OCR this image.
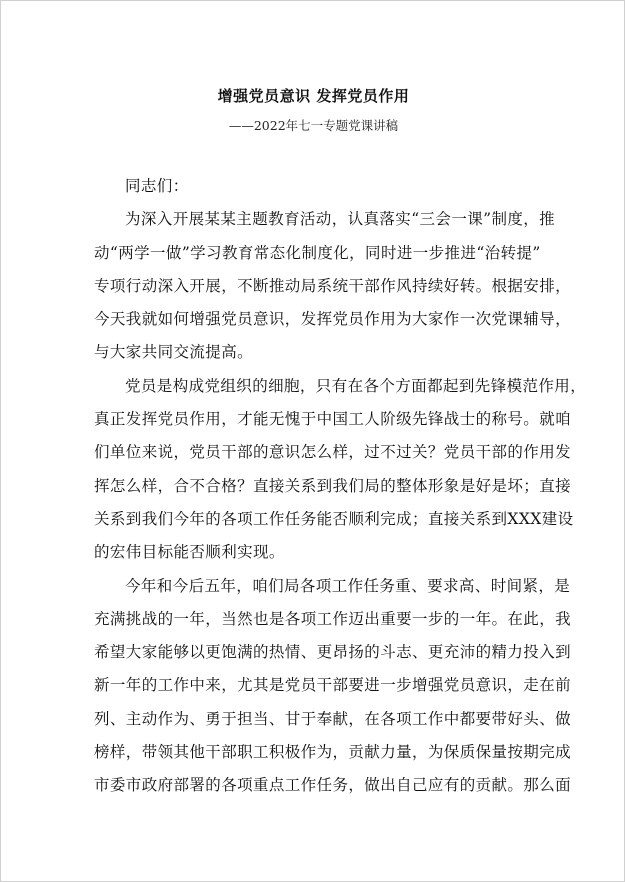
增强党员意识 发挥党员作用
——2022年七一专题党课讲稿
同志们：
为深入开展某某主题教育活动，认真落实“三会一课”制度，推
动“两学一做”学习教育常态化制度化，同时进一步推进“治转提”
专项行动深入开展，不断推动局系统干部作风持续好转。根据安排，
今天我就如何增强党员意识，发挥党员作用为大家作一次党课辅导，
与大家共同交流提高。
党员是构成党组织的细胞，只有在各个方面都起到先锋模范作用，
真正发挥党员作用，才能无愧于中国工人阶级先锋战士的称号。就咱
们单位来说，党员干部的意识怎么样，过不过关？党员干部的作用发
挥怎么样，合不合格？直接关系到我们局的整体形象是好是坏；直接
关系到我们今年的各项工作任务能否顺利完成；直接关系到XXX建设
的宏伟目标能否顺利实现。
今年和今后五年，咱们局各项工作任务重、要求高、时间紧，是
充满挑战的一年，当然也是各项工作迈出重要一步的一年。在此，我
希望大家能够以更饱满的热情、更昂扬的斗志、更充沛的精力投入到
新一年的工作中来，尤其是党员干部要进一步增强党员意识，走在前
列、主动作为、勇于担当、甘于奉献，在各项工作中都要带好头、做
榜样，带领其他干部职工积极作为，贡献力量，为保质保量按期完成
市委市政府部署的各项重点工作任务，做出自己应有的贡献。那么面
